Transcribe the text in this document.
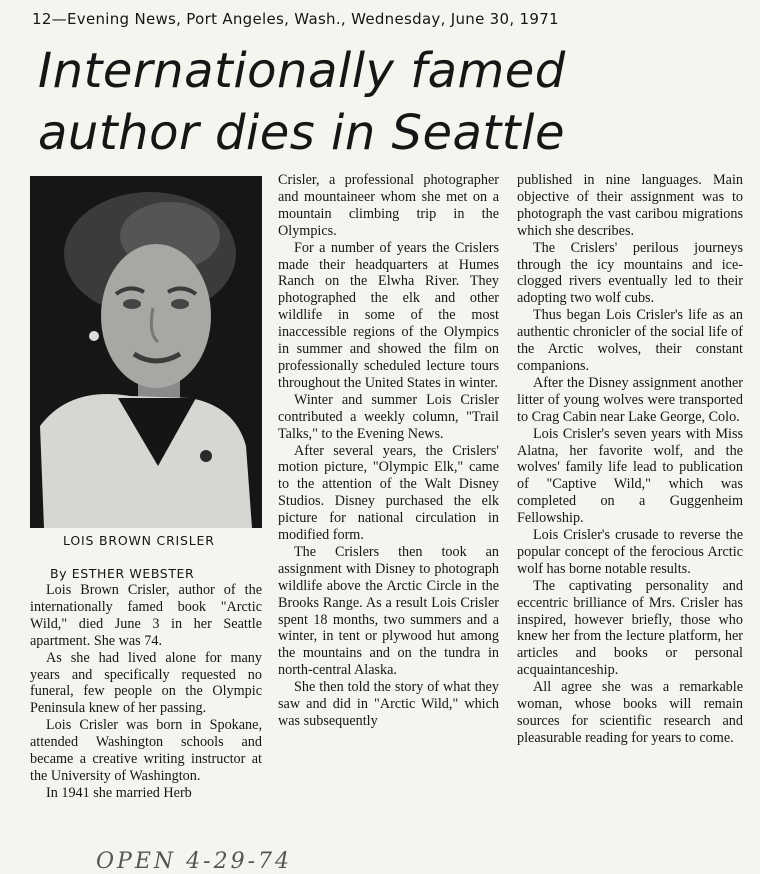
12—Evening News, Port Angeles, Wash., Wednesday, June 30, 1971
Internationally famed author dies in Seattle
LOIS BROWN CRISLER
By ESTHER WEBSTER

Lois Brown Crisler, author of the internationally famed book "Arctic Wild," died June 3 in her Seattle apartment. She was 74.

As she had lived alone for many years and specifically requested no funeral, few people on the Olympic Peninsula knew of her passing.

Lois Crisler was born in Spokane, attended Washington schools and became a creative writing instructor at the University of Washington.

In 1941 she married Herb

Crisler, a professional photographer and mountaineer whom she met on a mountain climbing trip in the Olympics.

For a number of years the Crislers made their headquarters at Humes Ranch on the Elwha River. They photographed the elk and other wildlife in some of the most inaccessible regions of the Olympics in summer and showed the film on professionally scheduled lecture tours throughout the United States in winter.

Winter and summer Lois Crisler contributed a weekly column, "Trail Talks," to the Evening News.

After several years, the Crislers' motion picture, "Olympic Elk," came to the attention of the Walt Disney Studios. Disney purchased the elk picture for national circulation in modified form.

The Crislers then took an assignment with Disney to photograph wildlife above the Arctic Circle in the Brooks Range. As a result Lois Crisler spent 18 months, two summers and a winter, in tent or plywood hut among the mountains and on the tundra in north-central Alaska.

She then told the story of what they saw and did in "Arctic Wild," which was subsequently

published in nine languages. Main objective of their assignment was to photograph the vast caribou migrations which she describes.

The Crislers' perilous journeys through the icy mountains and ice-clogged rivers eventually led to their adopting two wolf cubs.

Thus began Lois Crisler's life as an authentic chronicler of the social life of the Arctic wolves, their constant companions.

After the Disney assignment another litter of young wolves were transported to Crag Cabin near Lake George, Colo.

Lois Crisler's seven years with Miss Alatna, her favorite wolf, and the wolves' family life lead to publication of "Captive Wild," which was completed on a Guggenheim Fellowship.

Lois Crisler's crusade to reverse the popular concept of the ferocious Arctic wolf has borne notable results.

The captivating personality and eccentric brilliance of Mrs. Crisler has inspired, however briefly, those who knew her from the lecture platform, her articles and books or personal acquaintanceship.

All agree she was a remarkable woman, whose books will remain sources for scientific research and pleasurable reading for years to come.

OPEN 4-29-74
